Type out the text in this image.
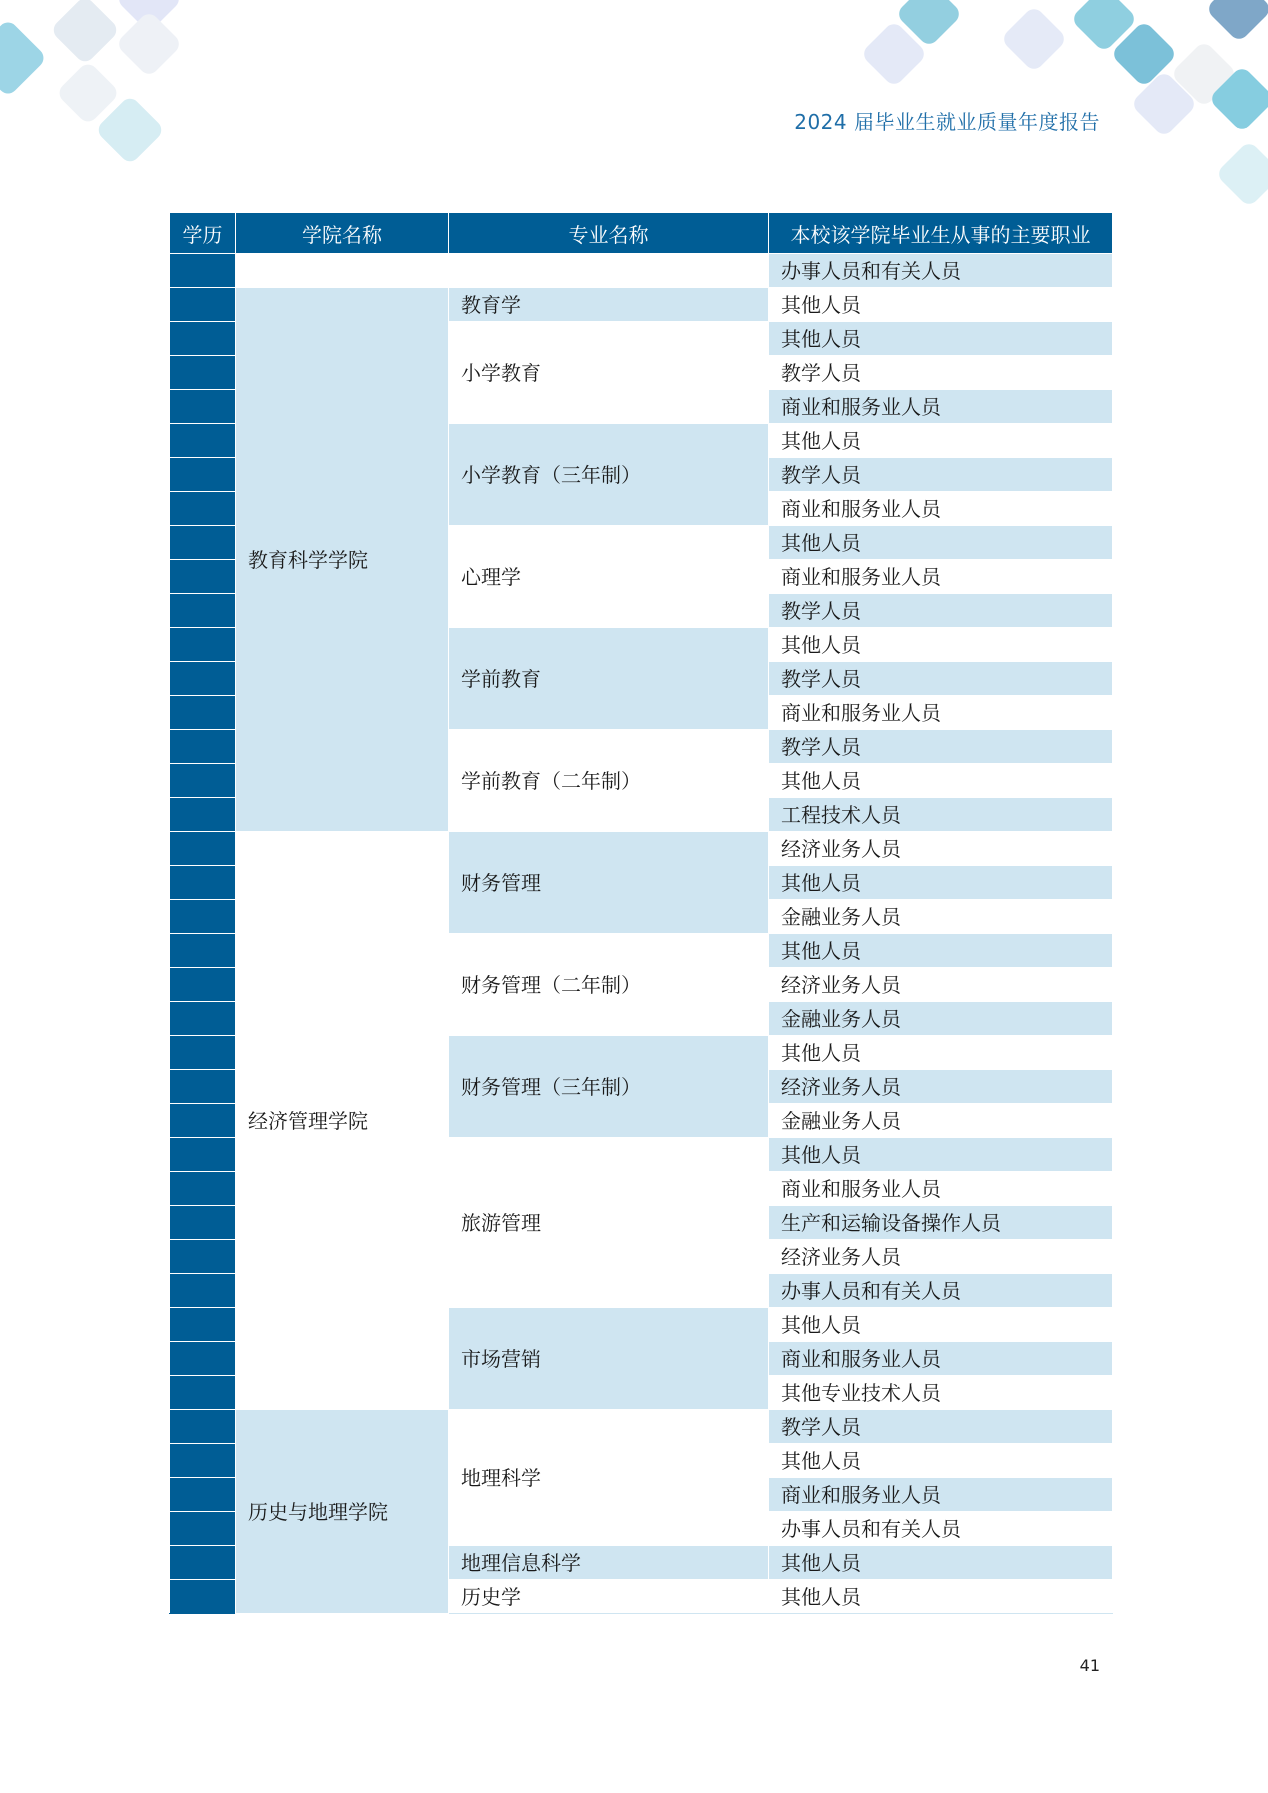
2024 届毕业生就业质量年度报告
学历	学院名称	专业名称	本校该学院毕业生从事的主要职业
			办事人员和有关人员
	教育科学学院	教育学	其他人员
		小学教育	其他人员
			教学人员
			商业和服务业人员
		小学教育（三年制）	其他人员
			教学人员
			商业和服务业人员
		心理学	其他人员
			商业和服务业人员
			教学人员
		学前教育	其他人员
			教学人员
			商业和服务业人员
		学前教育（二年制）	教学人员
			其他人员
			工程技术人员
	经济管理学院	财务管理	经济业务人员
			其他人员
			金融业务人员
		财务管理（二年制）	其他人员
			经济业务人员
			金融业务人员
		财务管理（三年制）	其他人员
			经济业务人员
			金融业务人员
		旅游管理	其他人员
			商业和服务业人员
			生产和运输设备操作人员
			经济业务人员
			办事人员和有关人员
		市场营销	其他人员
			商业和服务业人员
			其他专业技术人员
	历史与地理学院	地理科学	教学人员
			其他人员
			商业和服务业人员
			办事人员和有关人员
		地理信息科学	其他人员
		历史学	其他人员
41
